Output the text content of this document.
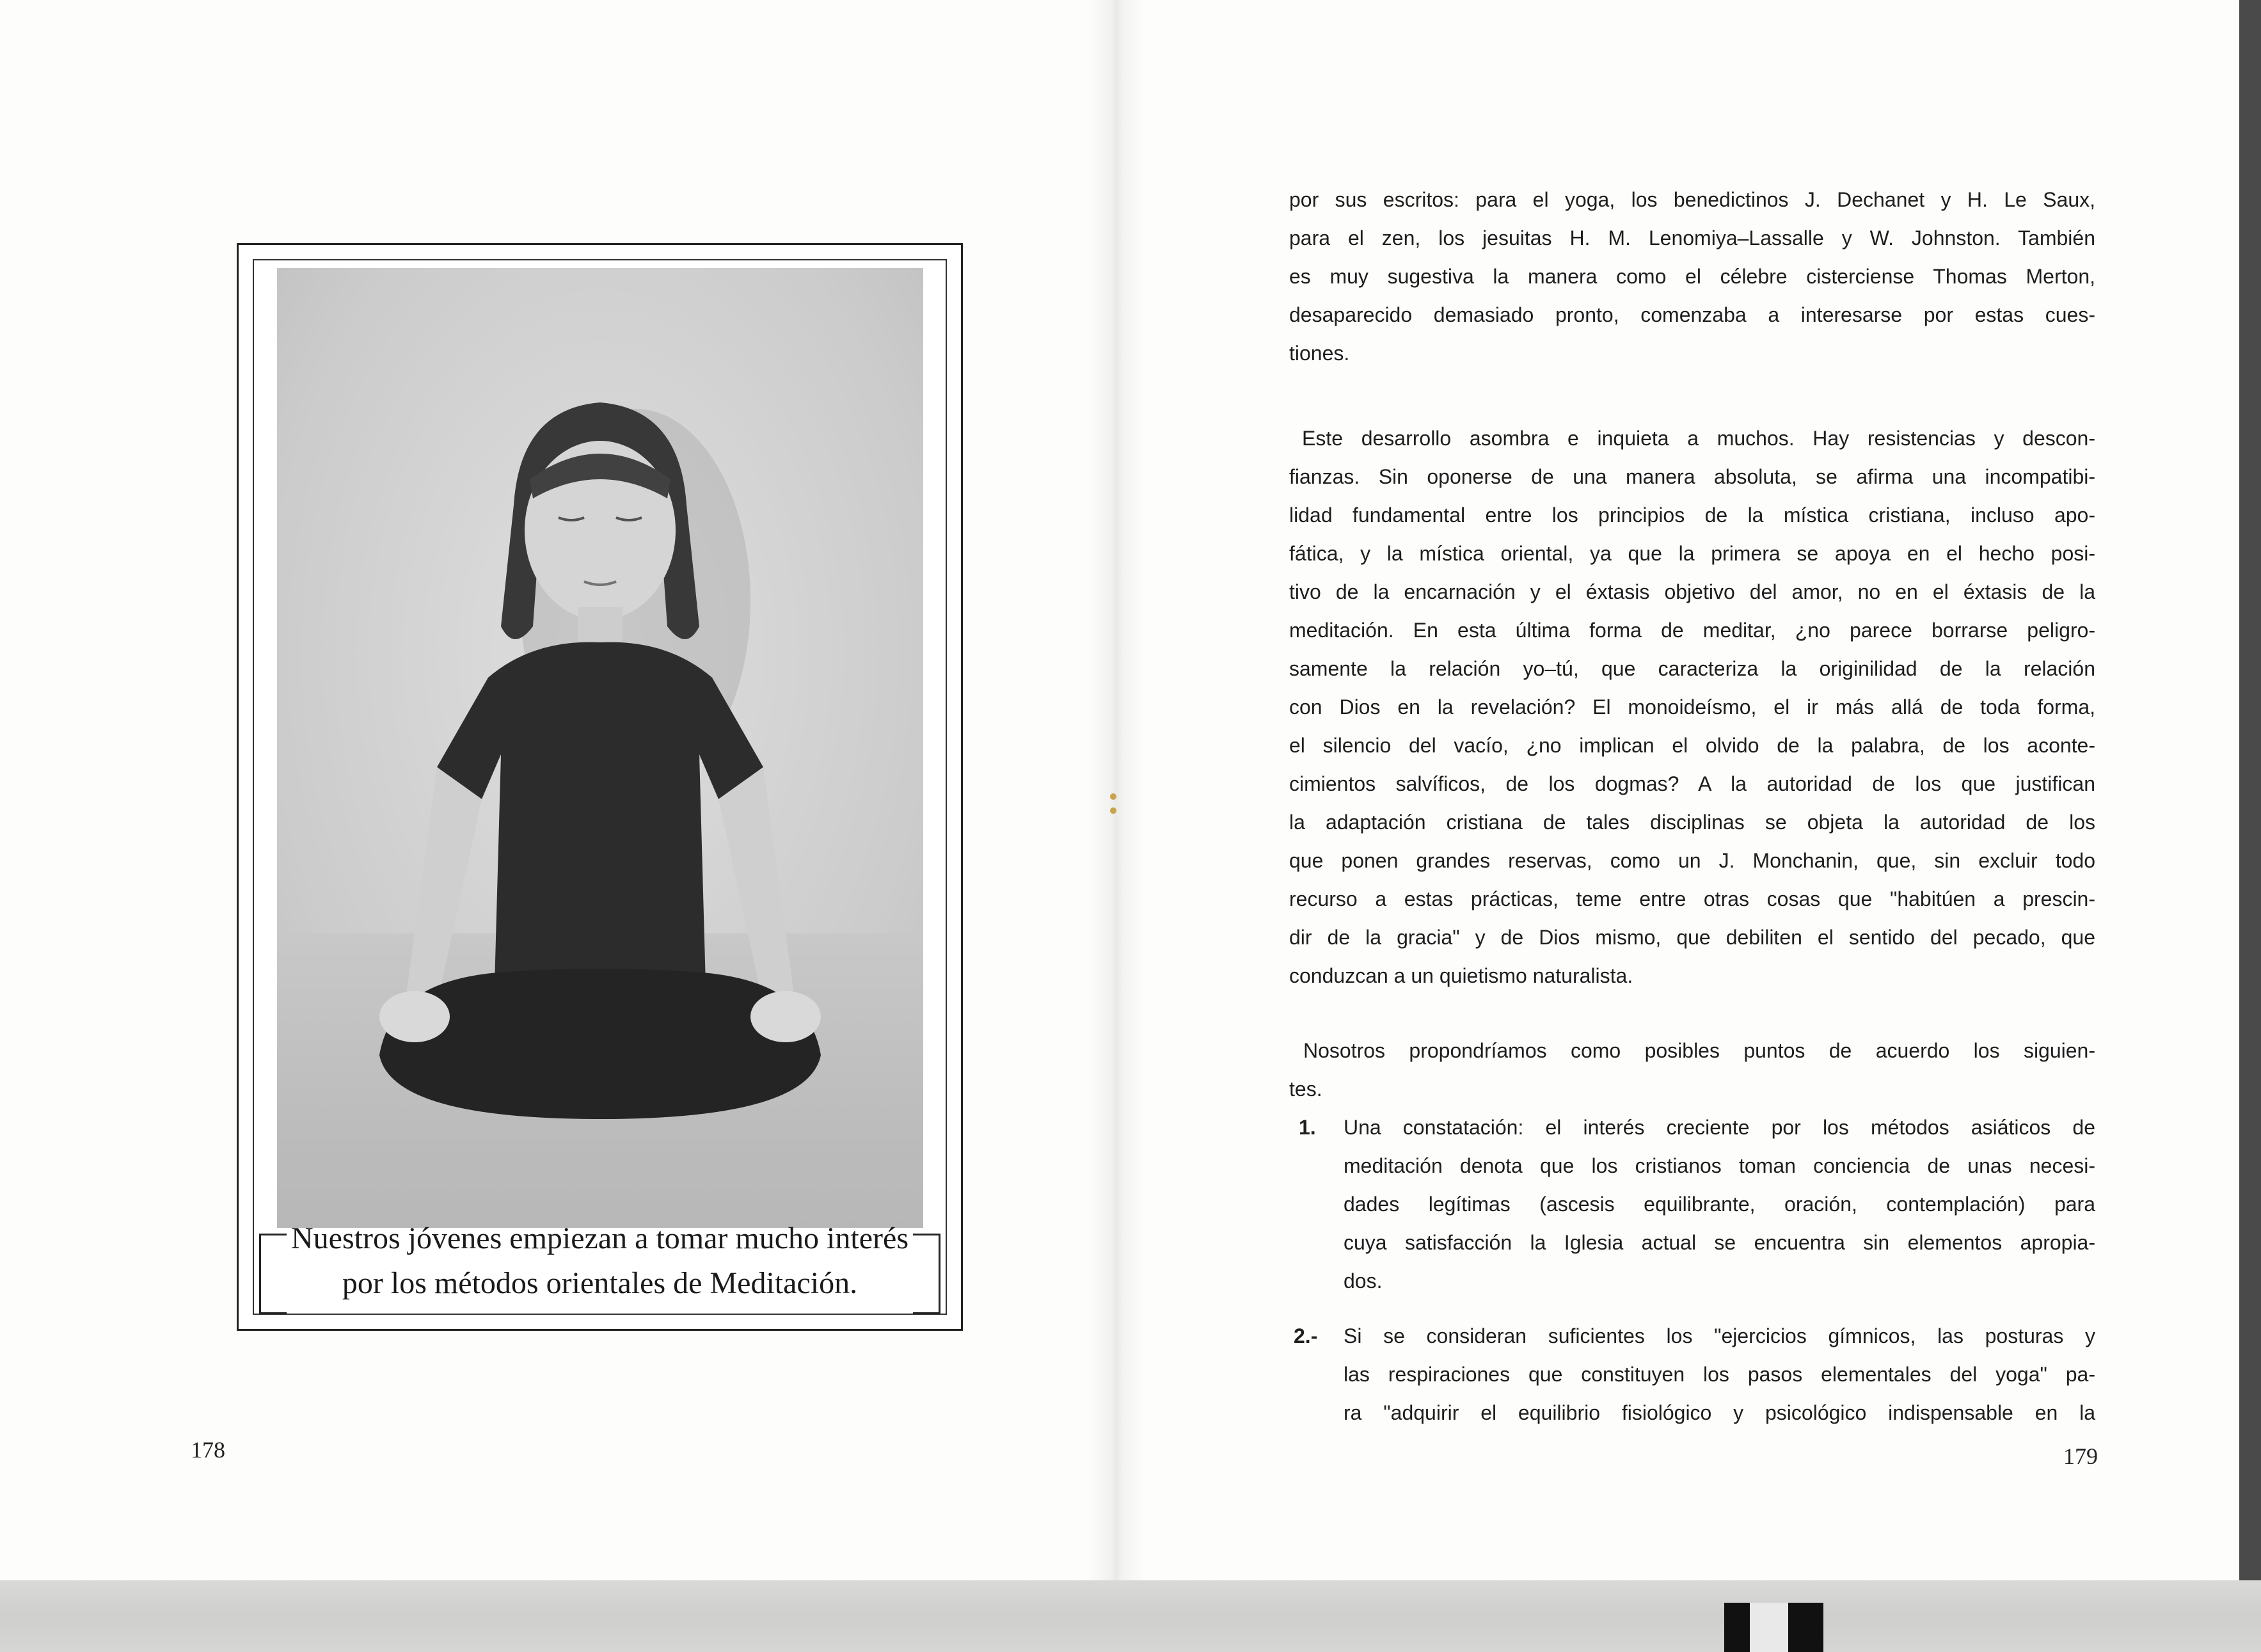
Nuestros jóvenes empiezan a tomar mucho interés
por los métodos orientales de Meditación.
178
por sus escritos: para el yoga, los benedictinos J. Dechanet y H. Le Saux,
para el zen, los jesuitas H. M. Lenomiya–Lassalle y W. Johnston. También
es muy sugestiva la manera como el célebre cisterciense Thomas Merton,
desaparecido demasiado pronto, comenzaba a interesarse por estas cues-
tiones.
Este desarrollo asombra e inquieta a muchos. Hay resistencias y descon-
fianzas. Sin oponerse de una manera absoluta, se afirma una incompatibi-
lidad fundamental entre los principios de la mística cristiana, incluso apo-
fática, y la mística oriental, ya que la primera se apoya en el hecho posi-
tivo de la encarnación y el éxtasis objetivo del amor, no en el éxtasis de la
meditación. En esta última forma de meditar, ¿no parece borrarse peligro-
samente la relación yo–tú, que caracteriza la originilidad de la relación
con Dios en la revelación? El monoideísmo, el ir más allá de toda forma,
el silencio del vacío, ¿no implican el olvido de la palabra, de los aconte-
cimientos salvíficos, de los dogmas? A la autoridad de los que justifican
la adaptación cristiana de tales disciplinas se objeta la autoridad de los
que ponen grandes reservas, como un J. Monchanin, que, sin excluir todo
recurso a estas prácticas, teme entre otras cosas que "habitúen a prescin-
dir de la gracia" y de Dios mismo, que debiliten el sentido del pecado, que
conduzcan a un quietismo naturalista.
Nosotros propondríamos como posibles puntos de acuerdo los siguien-
tes.
1. Una constatación: el interés creciente por los métodos asiáticos de
meditación denota que los cristianos toman conciencia de unas necesi-
dades legítimas (ascesis equilibrante, oración, contemplación) para
cuya satisfacción la Iglesia actual se encuentra sin elementos apropia-
dos.
2.- Si se consideran suficientes los "ejercicios gímnicos, las posturas y
las respiraciones que constituyen los pasos elementales del yoga" pa-
ra "adquirir el equilibrio fisiológico y psicológico indispensable en la
179
